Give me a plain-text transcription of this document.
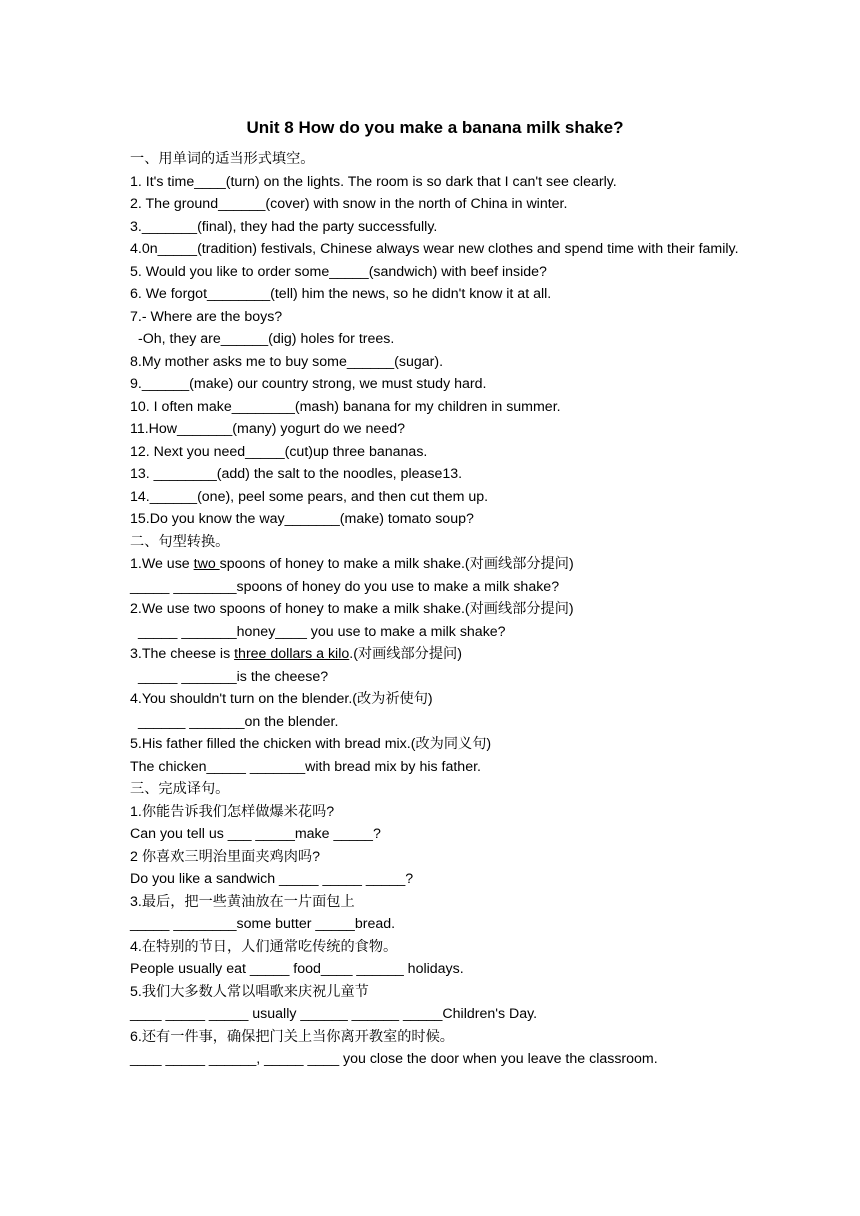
Unit 8 How do you make a banana milk shake?
一、用单词的适当形式填空。
1. It's time____(turn) on the lights. The room is so dark that I can't see clearly.
2. The ground______(cover) with snow in the north of China in winter.
3._______(final), they had the party successfully.
4.0n_____(tradition) festivals, Chinese always wear new clothes and spend time with their family.
5. Would you like to order some_____(sandwich) with beef inside?
6. We forgot________(tell) him the news, so he didn't know it at all.
7.- Where are the boys?
-Oh, they are______(dig) holes for trees.
8.My mother asks me to buy some______(sugar).
9.______(make) our country strong, we must study hard.
10. I often make________(mash) banana for my children in summer.
11.How_______(many) yogurt do we need?
12. Next you need_____(cut)up three bananas.
13. ________(add) the salt to the noodles, please13.
14.______(one), peel some pears, and then cut them up.
15.Do you know the way_______(make) tomato soup?
二、句型转换。
1.We use two spoons of honey to make a milk shake.(对画线部分提问)
_____ ________spoons of honey do you use to make a milk shake?
2.We use two spoons of honey to make a milk shake.(对画线部分提问)
_____ _______honey____ you use to make a milk shake?
3.The cheese is three dollars a kilo.(对画线部分提问)
_____ _______is the cheese?
4.You shouldn't turn on the blender.(改为祈使句)
______ _______on the blender.
5.His father filled the chicken with bread mix.(改为同义句)
The chicken_____ _______with bread mix by his father.
三、完成译句。
1.你能告诉我们怎样做爆米花吗?
Can you tell us ___ _____make _____?
2 你喜欢三明治里面夹鸡肉吗?
Do you like a sandwich _____ _____ _____?
3.最后，把一些黄油放在一片面包上
_____ ________some butter _____bread.
4.在特别的节日，人们通常吃传统的食物。
People usually eat _____ food____ ______ holidays.
5.我们大多数人常以唱歌来庆祝儿童节
____ _____ _____ usually ______ ______ _____Children's Day.
6.还有一件事，确保把门关上当你离开教室的时候。
____ _____ ______, _____ ____ you close the door when you leave the classroom.
